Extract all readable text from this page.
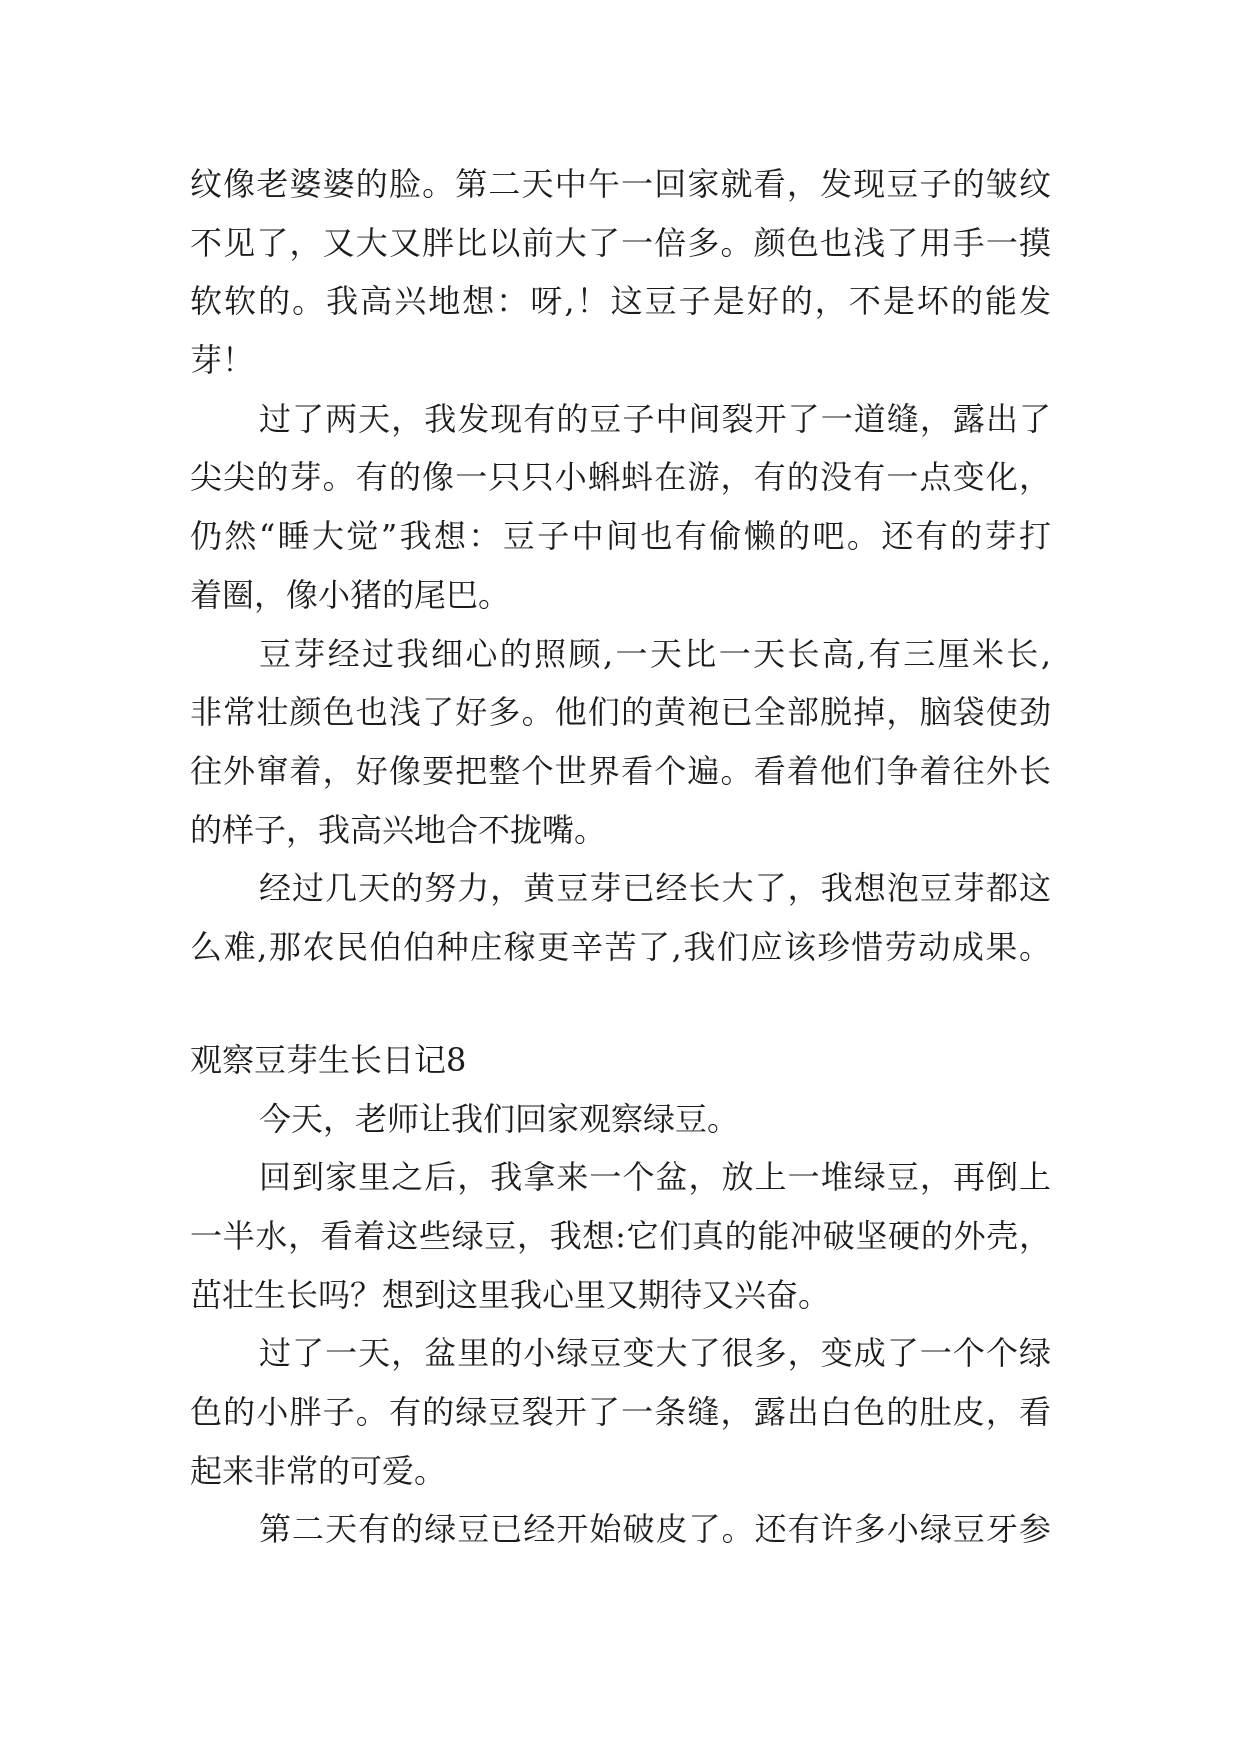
纹像老婆婆的脸。第二天中午一回家就看，发现豆子的皱纹
不见了，又大又胖比以前大了一倍多。颜色也浅了用手一摸
软软的。我高兴地想：呀,！这豆子是好的，不是坏的能发
芽！
过了两天，我发现有的豆子中间裂开了一道缝，露出了
尖尖的芽。有的像一只只小蝌蚪在游，有的没有一点变化，
仍然“睡大觉”我想：豆子中间也有偷懒的吧。还有的芽打
着圈，像小猪的尾巴。
豆芽经过我细心的照顾,一天比一天长高,有三厘米长,
非常壮颜色也浅了好多。他们的黄袍已全部脱掉，脑袋使劲
往外窜着，好像要把整个世界看个遍。看着他们争着往外长
的样子，我高兴地合不拢嘴。
经过几天的努力，黄豆芽已经长大了，我想泡豆芽都这
么难,那农民伯伯种庄稼更辛苦了,我们应该珍惜劳动成果。
观察豆芽生长日记8
今天，老师让我们回家观察绿豆。
回到家里之后，我拿来一个盆，放上一堆绿豆，再倒上
一半水，看着这些绿豆，我想:它们真的能冲破坚硬的外壳，
茁壮生长吗？想到这里我心里又期待又兴奋。
过了一天，盆里的小绿豆变大了很多，变成了一个个绿
色的小胖子。有的绿豆裂开了一条缝，露出白色的肚皮，看
起来非常的可爱。
第二天有的绿豆已经开始破皮了。还有许多小绿豆牙参
